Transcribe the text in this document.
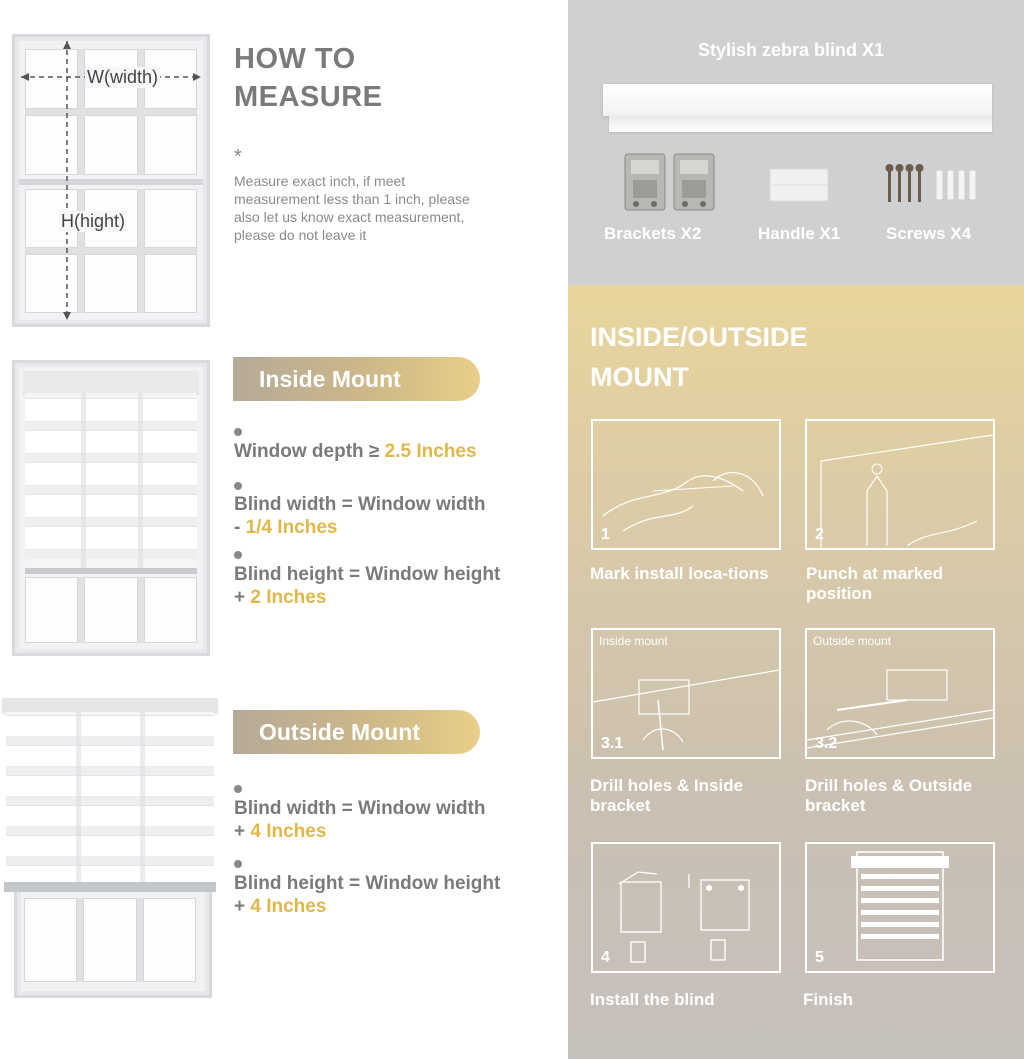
W(width)
H(hight)
HOW TO
MEASURE
*
Measure exact inch, if meet measurement less than 1 inch, please also let us know exact measurement, please do not leave it
Inside Mount
Window depth ≥ 2.5 Inches
Blind width = Window width - 1/4 Inches
Blind height = Window height + 2 Inches
Outside Mount
Blind width = Window width + 4 Inches
Blind height = Window height + 4 Inches
Stylish zebra blind X1
Brackets X2	Handle X1	Screws X4
INSIDE/OUTSIDE
MOUNT
1
Mark install loca-tions
2
Punch at marked position
Inside mount
3.1
Drill holes & Inside bracket
Outside mount
3.2
Drill holes & Outside bracket
4
Install the blind
5
Finish
